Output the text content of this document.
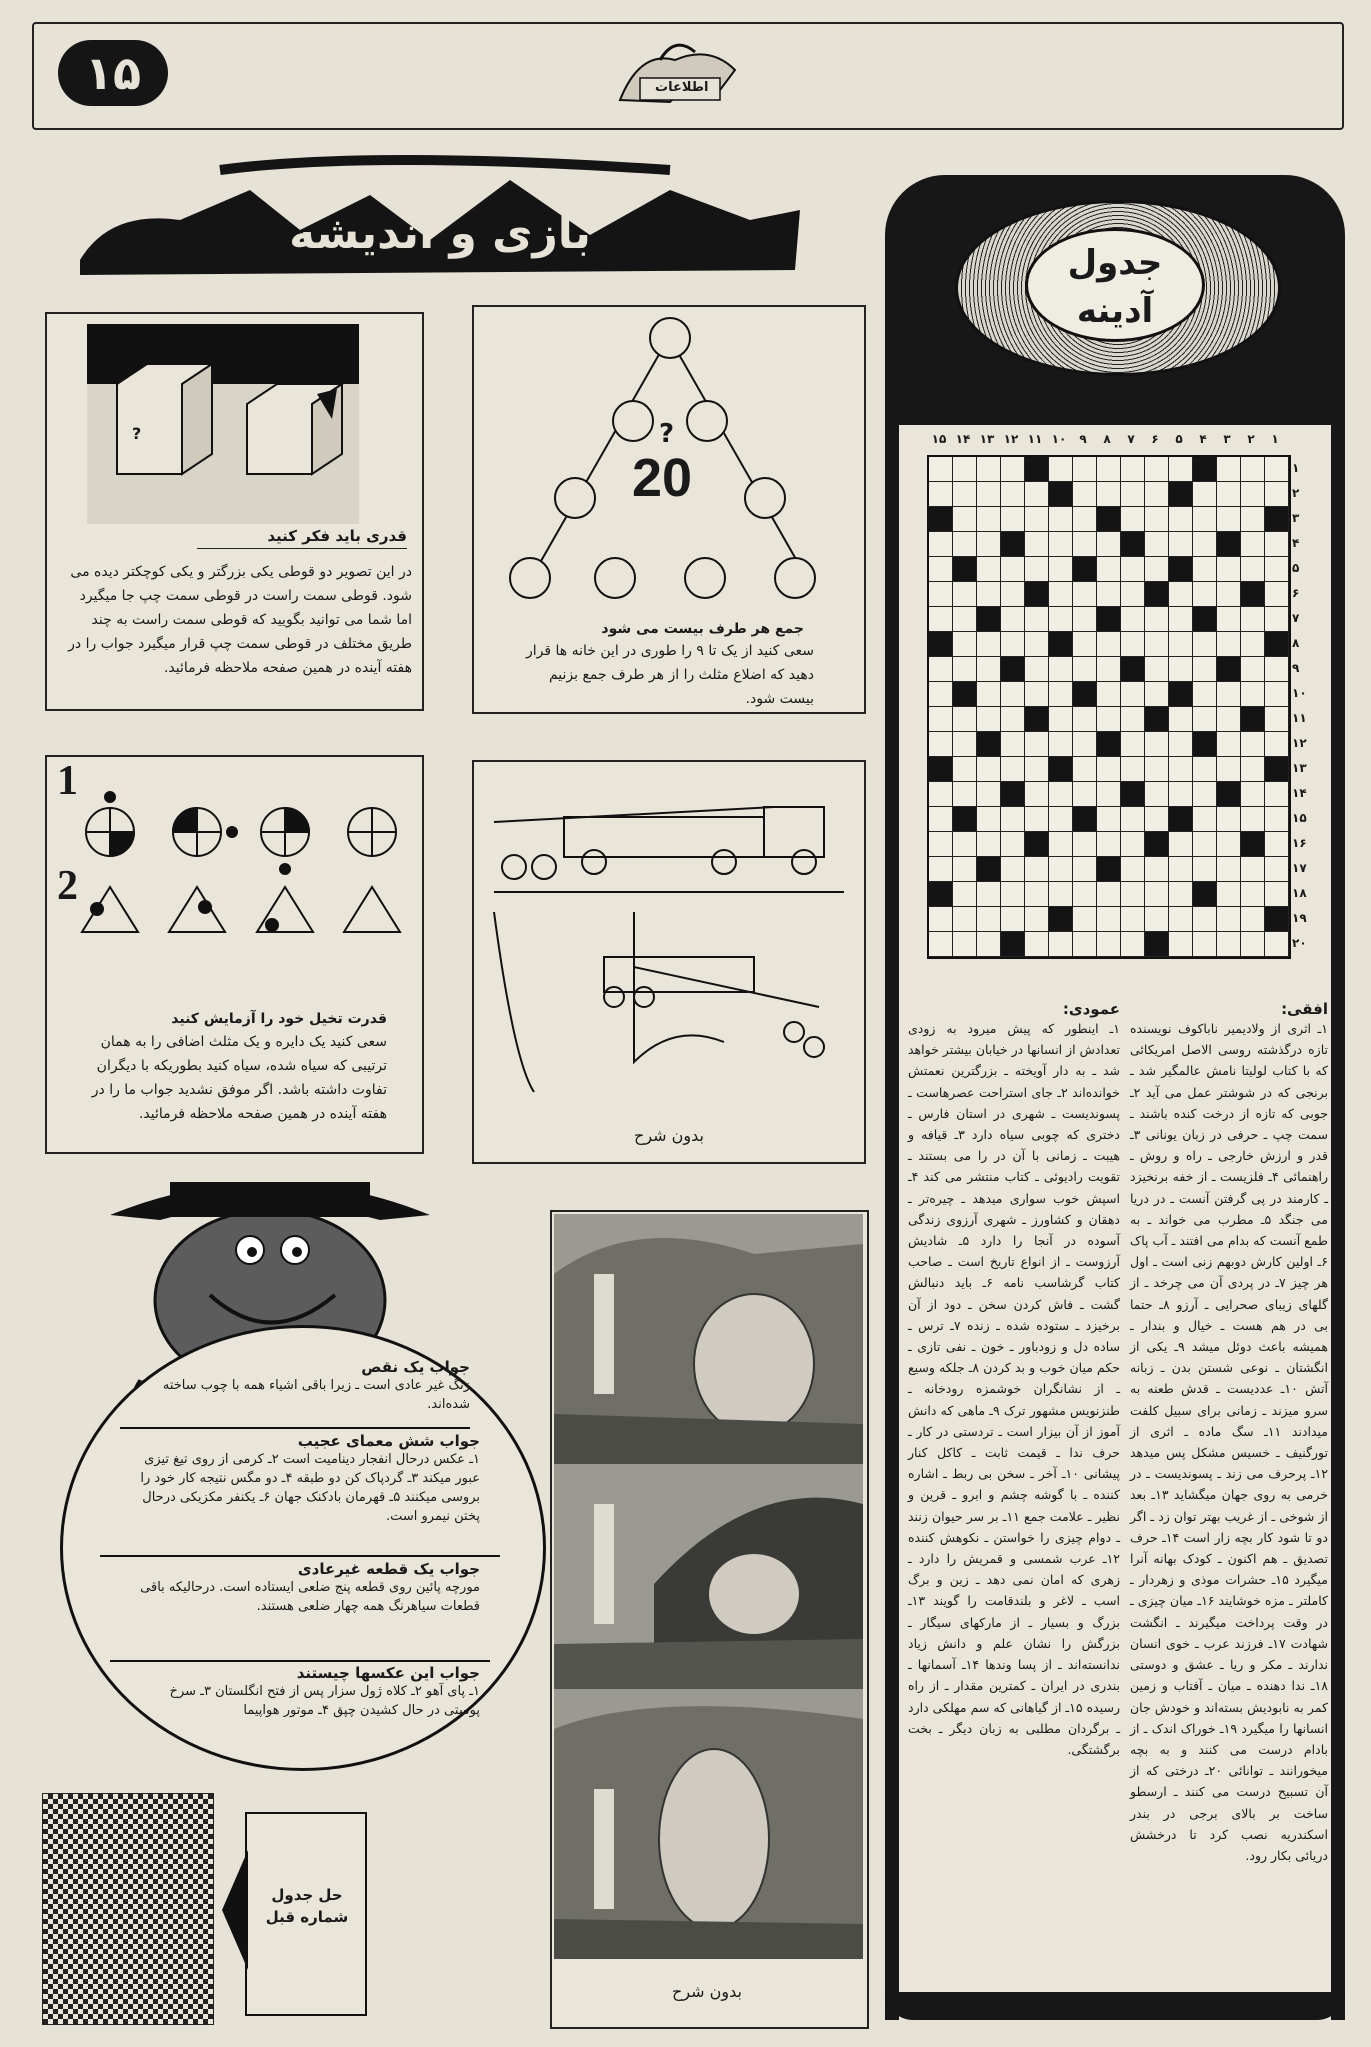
۱۵	اطلاعات
بازی و اندیشه
?
قدری باید فکر کنید
در این تصویر دو قوطی یکی بزرگتر و یکی کوچکتر دیده می شود. قوطی سمت راست در قوطی سمت چپ جا میگیرد اما شما می توانید بگویید که قوطی سمت راست به چند طریق مختلف در قوطی سمت چپ قرار میگیرد جواب را در هفته آینده در همین صفحه ملاحظه فرمائید.
?
20
جمع هر طرف بیست می شود
سعی کنید از یک تا ۹ را طوری در این خانه ها قرار دهید که اضلاع مثلث را از هر طرف جمع بزنیم بیست شود.
1
2
قدرت تخیل خود را آزمایش کنید
سعی کنید یک دایره و یک مثلث اضافی را به همان ترتیبی که سیاه شده، سیاه کنید بطوریکه با دیگران تفاوت داشته باشد. اگر موفق نشدید جواب ما را در هفته آینده در همین صفحه ملاحظه فرمائید.
بدون شرح
جواب یک نقص
زنگ غیر عادی است ـ زیرا باقی اشیاء همه با چوب ساخته شده‌اند.
جواب شش معمای عجیب
۱ـ عکس درحال انفجار دینامیت است ۲ـ کرمی از روی تیغ تیزی عبور میکند ۳ـ گردپاک کن دو طبقه ۴ـ دو مگس نتیجه کار خود را بروسی میکنند ۵ـ قهرمان بادکنک جهان ۶ـ یکنفر مکزیکی درحال پختن نیمرو است.
جواب یک قطعه غیرعادی
مورچه پائین روی قطعه پنج ضلعی ایستاده است. درحالیکه باقی قطعات سیاهرنگ همه چهار ضلعی هستند.
جواب این عکسها چیستند
۱ـ پای آهو ۲ـ کلاه ژول سزار پس از فتح انگلستان ۳ـ سرخ پوستی در حال کشیدن چپق ۴ـ موتور هواپیما
حل جدول شماره قبل
بدون شرح
جدول
آدینه
۱
۲
۳
۴
۵
۶
۷
۸
۹
۱۰
۱۱
۱۲
۱۳
۱۴
۱۵
۱
۲
۳
۴
۵
۶
۷
۸
۹
۱۰
۱۱
۱۲
۱۳
۱۴
۱۵
۱۶
۱۷
۱۸
۱۹
۲۰
افقی:
۱ـ اثری از ولادیمیر ناباکوف نویسنده تازه درگذشته روسی الاصل امریکائی که با کتاب لولیتا نامش عالمگیر شد ـ برنجی که در شوشتر عمل می آید ۲ـ جوبی که تازه از درخت کنده باشند ـ سمت چپ ـ حرفی در زبان یونانی ۳ـ قدر و ارزش خارجی ـ راه و روش ـ راهنمائی ۴ـ فلزیست ـ از خفه برنخیزد ـ کارمند در پی گرفتن آنست ـ در دریا می جنگد ۵ـ مطرب می خواند ـ به طمع آنست که بدام می افتند ـ آب پاک ۶ـ اولین کارش دوبهم زنی است ـ اول هر چیز ۷ـ در پردی آن می چرخد ـ از گلهای زیبای صحرایی ـ آرزو ۸ـ حتما بی در هم هست ـ خیال و بندار ـ همیشه باعث دوئل میشد ۹ـ یکی از انگشتان ـ نوعی شستن بدن ـ زبانه آتش ۱۰ـ عددیست ـ قدش طعنه به سرو میزند ـ زمانی برای سبیل کلفت میدادند ۱۱ـ سگ ماده ـ اثری از تورگنیف ـ خسیس مشکل پس میدهد ۱۲ـ پرحرف می زند ـ پسوندیست ـ در خرمی به روی جهان میگشاید ۱۳ـ بعد از شوخی ـ از غریب بهتر توان زد ـ اگر دو تا شود کار بچه زار است ۱۴ـ حرف تصدیق ـ هم اکنون ـ کودک بهانه آنرا میگیرد ۱۵ـ حشرات موذی و زهردار ـ کاملتر ـ مزه خوشایند ۱۶ـ میان چیزی ـ در وقت پرداخت میگیرند ـ انگشت شهادت ۱۷ـ فرزند عرب ـ خوی انسان ندارند ـ مکر و ریا ـ عشق و دوستی ۱۸ـ ندا دهنده ـ میان ـ آفتاب و زمین کمر به نابودیش بسته‌اند و خودش جان انسانها را میگیرد ۱۹ـ خوراک اندک ـ از بادام درست می کنند و به بچه میخورانند ـ توانائی ۲۰ـ درختی که از آن تسبیح درست می کنند ـ ارسطو ساخت بر بالای برجی در بندر اسکندریه نصب کرد تا درخشش دریائی بکار رود.
عمودی:
۱ـ اینطور که پیش میرود به زودی تعدادش از انسانها در خیابان بیشتر خواهد شد ـ به دار آویخته ـ بزرگترین نعمتش خوانده‌اند ۲ـ جای استراحت عصرهاست ـ پسوندیست ـ شهری در استان فارس ـ دختری که چوبی سیاه دارد ۳ـ قیافه و هیبت ـ زمانی با آن در را می بستند ـ تقویت رادیوئی ـ کتاب منتشر می کند ۴ـ اسپش خوب سواری میدهد ـ چیره‌تر ـ دهقان و کشاورز ـ شهری آرزوی زندگی آسوده در آنجا را دارد ۵ـ شادیش آرزوست ـ از انواع تاریخ است ـ صاحب کتاب گرشاسب نامه ۶ـ باید دنبالش گشت ـ فاش کردن سخن ـ دود از آن برخیزد ـ ستوده شده ـ زنده ۷ـ ترس ـ ساده دل و زودباور ـ خون ـ نفی تازی ـ حکم میان خوب و بد کردن ۸ـ جلکه وسیع ـ از نشانگران خوشمزه رودخانه ـ طنزنویس مشهور ترک ۹ـ ماهی که دانش آموز از آن بیزار است ـ تردستی در کار ـ حرف ندا ـ قیمت ثابت ـ کاکل کنار پیشانی ۱۰ـ آخر ـ سخن بی ربط ـ اشاره کننده ـ با گوشه چشم و ابرو ـ قرین و نظیر ـ علامت جمع ۱۱ـ بر سر حیوان زنند ـ دوام چیزی را خواستن ـ نکوهش کننده ۱۲ـ عرب شمسی و قمریش را دارد ـ زهری که امان نمی دهد ـ زین و برگ اسب ـ لاغر و بلندقامت را گویند ۱۳ـ بزرگ و بسیار ـ از مارکهای سیگار ـ بزرگش را نشان علم و دانش زیاد ندانسته‌اند ـ از پسا وندها ۱۴ـ آسمانها ـ بندری در ایران ـ کمترین مقدار ـ از راه رسیده ۱۵ـ از گیاهانی که سم مهلکی دارد ـ برگردان مطلبی به زبان دیگر ـ بخت برگشتگی.
